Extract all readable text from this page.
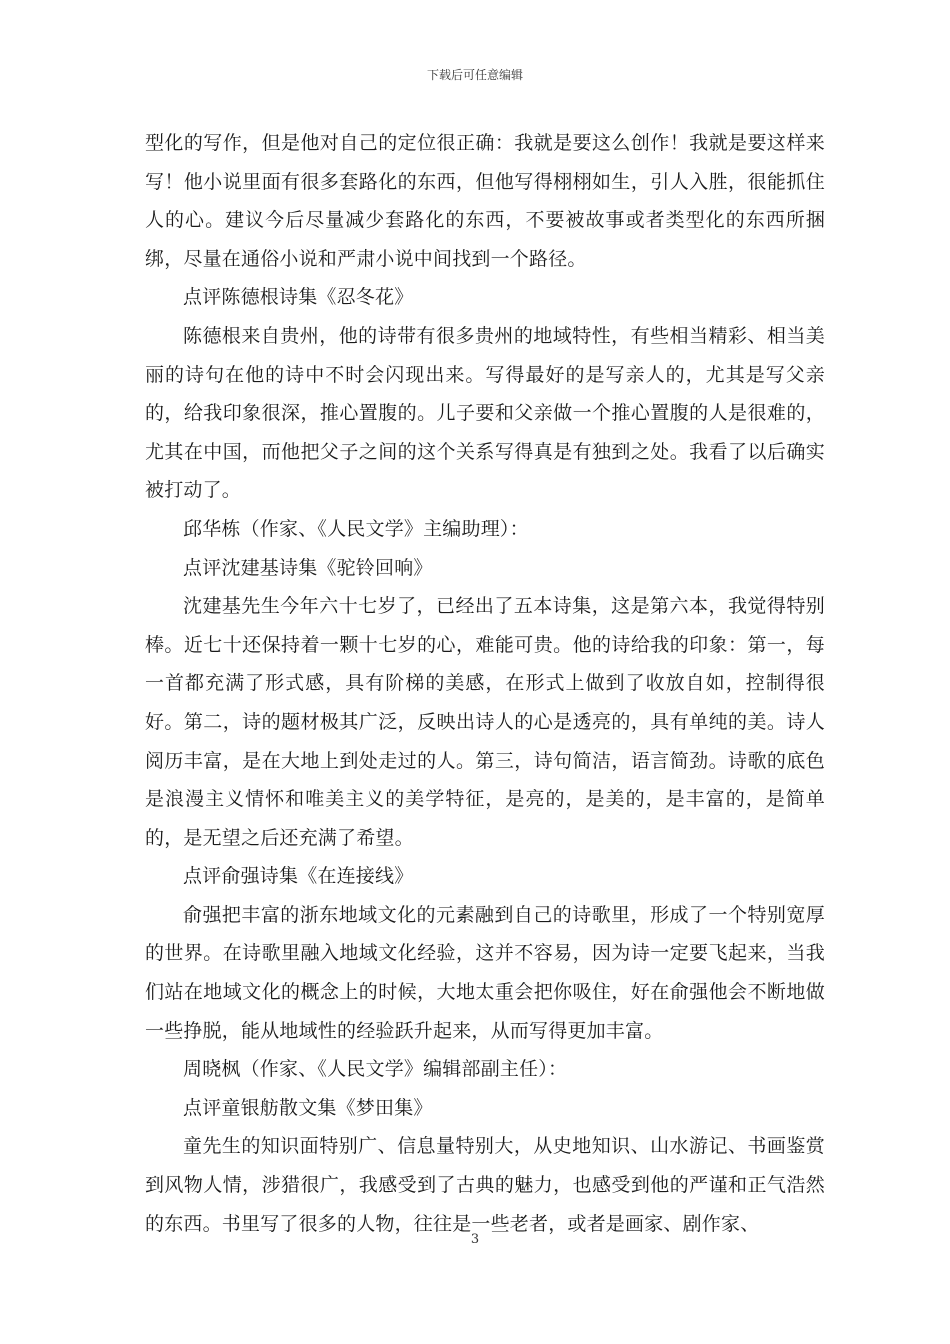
下载后可任意编辑

型化的写作，但是他对自己的定位很正确：我就是要这么创作！我就是要这样来写！他小说里面有很多套路化的东西，但他写得栩栩如生，引人入胜，很能抓住人的心。建议今后尽量减少套路化的东西，不要被故事或者类型化的东西所捆绑，尽量在通俗小说和严肃小说中间找到一个路径。

点评陈德根诗集《忍冬花》

陈德根来自贵州，他的诗带有很多贵州的地域特性，有些相当精彩、相当美丽的诗句在他的诗中不时会闪现出来。写得最好的是写亲人的，尤其是写父亲的，给我印象很深，推心置腹的。儿子要和父亲做一个推心置腹的人是很难的，尤其在中国，而他把父子之间的这个关系写得真是有独到之处。我看了以后确实被打动了。

邱华栋（作家、《人民文学》主编助理）：

点评沈建基诗集《驼铃回响》

沈建基先生今年六十七岁了，已经出了五本诗集，这是第六本，我觉得特别棒。近七十还保持着一颗十七岁的心，难能可贵。他的诗给我的印象：第一，每一首都充满了形式感，具有阶梯的美感，在形式上做到了收放自如，控制得很好。第二，诗的题材极其广泛，反映出诗人的心是透亮的，具有单纯的美。诗人阅历丰富，是在大地上到处走过的人。第三，诗句简洁，语言简劲。诗歌的底色是浪漫主义情怀和唯美主义的美学特征，是亮的，是美的，是丰富的，是简单的，是无望之后还充满了希望。

点评俞强诗集《在连接线》

俞强把丰富的浙东地域文化的元素融到自己的诗歌里，形成了一个特别宽厚的世界。在诗歌里融入地域文化经验，这并不容易，因为诗一定要飞起来，当我们站在地域文化的概念上的时候，大地太重会把你吸住，好在俞强他会不断地做一些挣脱，能从地域性的经验跃升起来，从而写得更加丰富。

周晓枫（作家、《人民文学》编辑部副主任）：

点评童银舫散文集《梦田集》

童先生的知识面特别广、信息量特别大，从史地知识、山水游记、书画鉴赏到风物人情，涉猎很广，我感受到了古典的魅力，也感受到他的严谨和正气浩然的东西。书里写了很多的人物，往往是一些老者，或者是画家、剧作家、

3
